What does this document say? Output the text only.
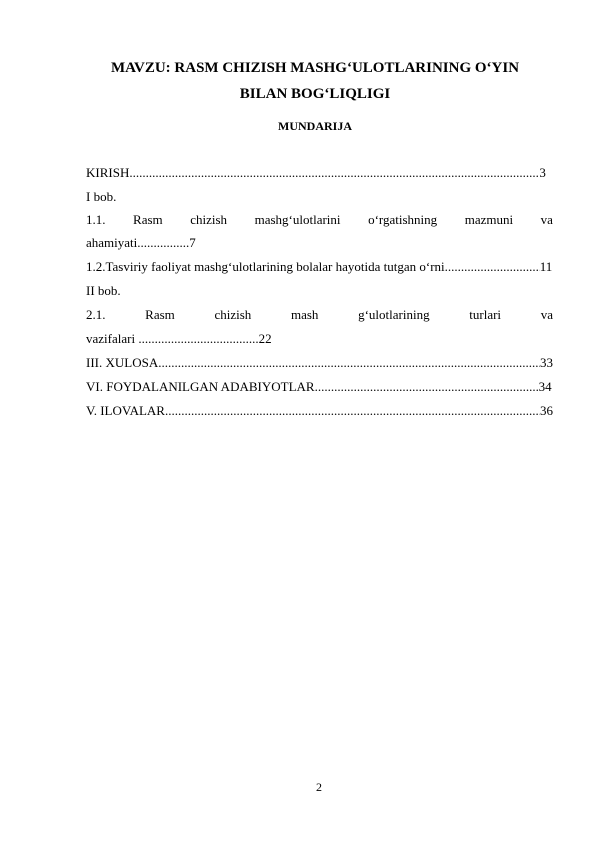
MAVZU: RASM CHIZISH MASHG‘ULOTLARINING O‘YIN
BILAN BOG‘LIQLIGI
MUNDARIJA
KIRISH .....	3
I bob.
1.1. Rasm chizish mashg‘ulotlarini o‘rgatishning mazmuni va
ahamiyati................7
1.2.Tasviriy faoliyat mashg‘ulotlarining bolalar hayotida tutgan o‘rni .....	11
II bob.
2.1.	Rasm	chizish	mash	g‘ulotlarining	turlari	va
vazifalari .....................................22
III. XULOSA .....	33
VI. FOYDALANILGAN ADABIYOTLAR .....	34
V. ILOVALAR .....	36
2
